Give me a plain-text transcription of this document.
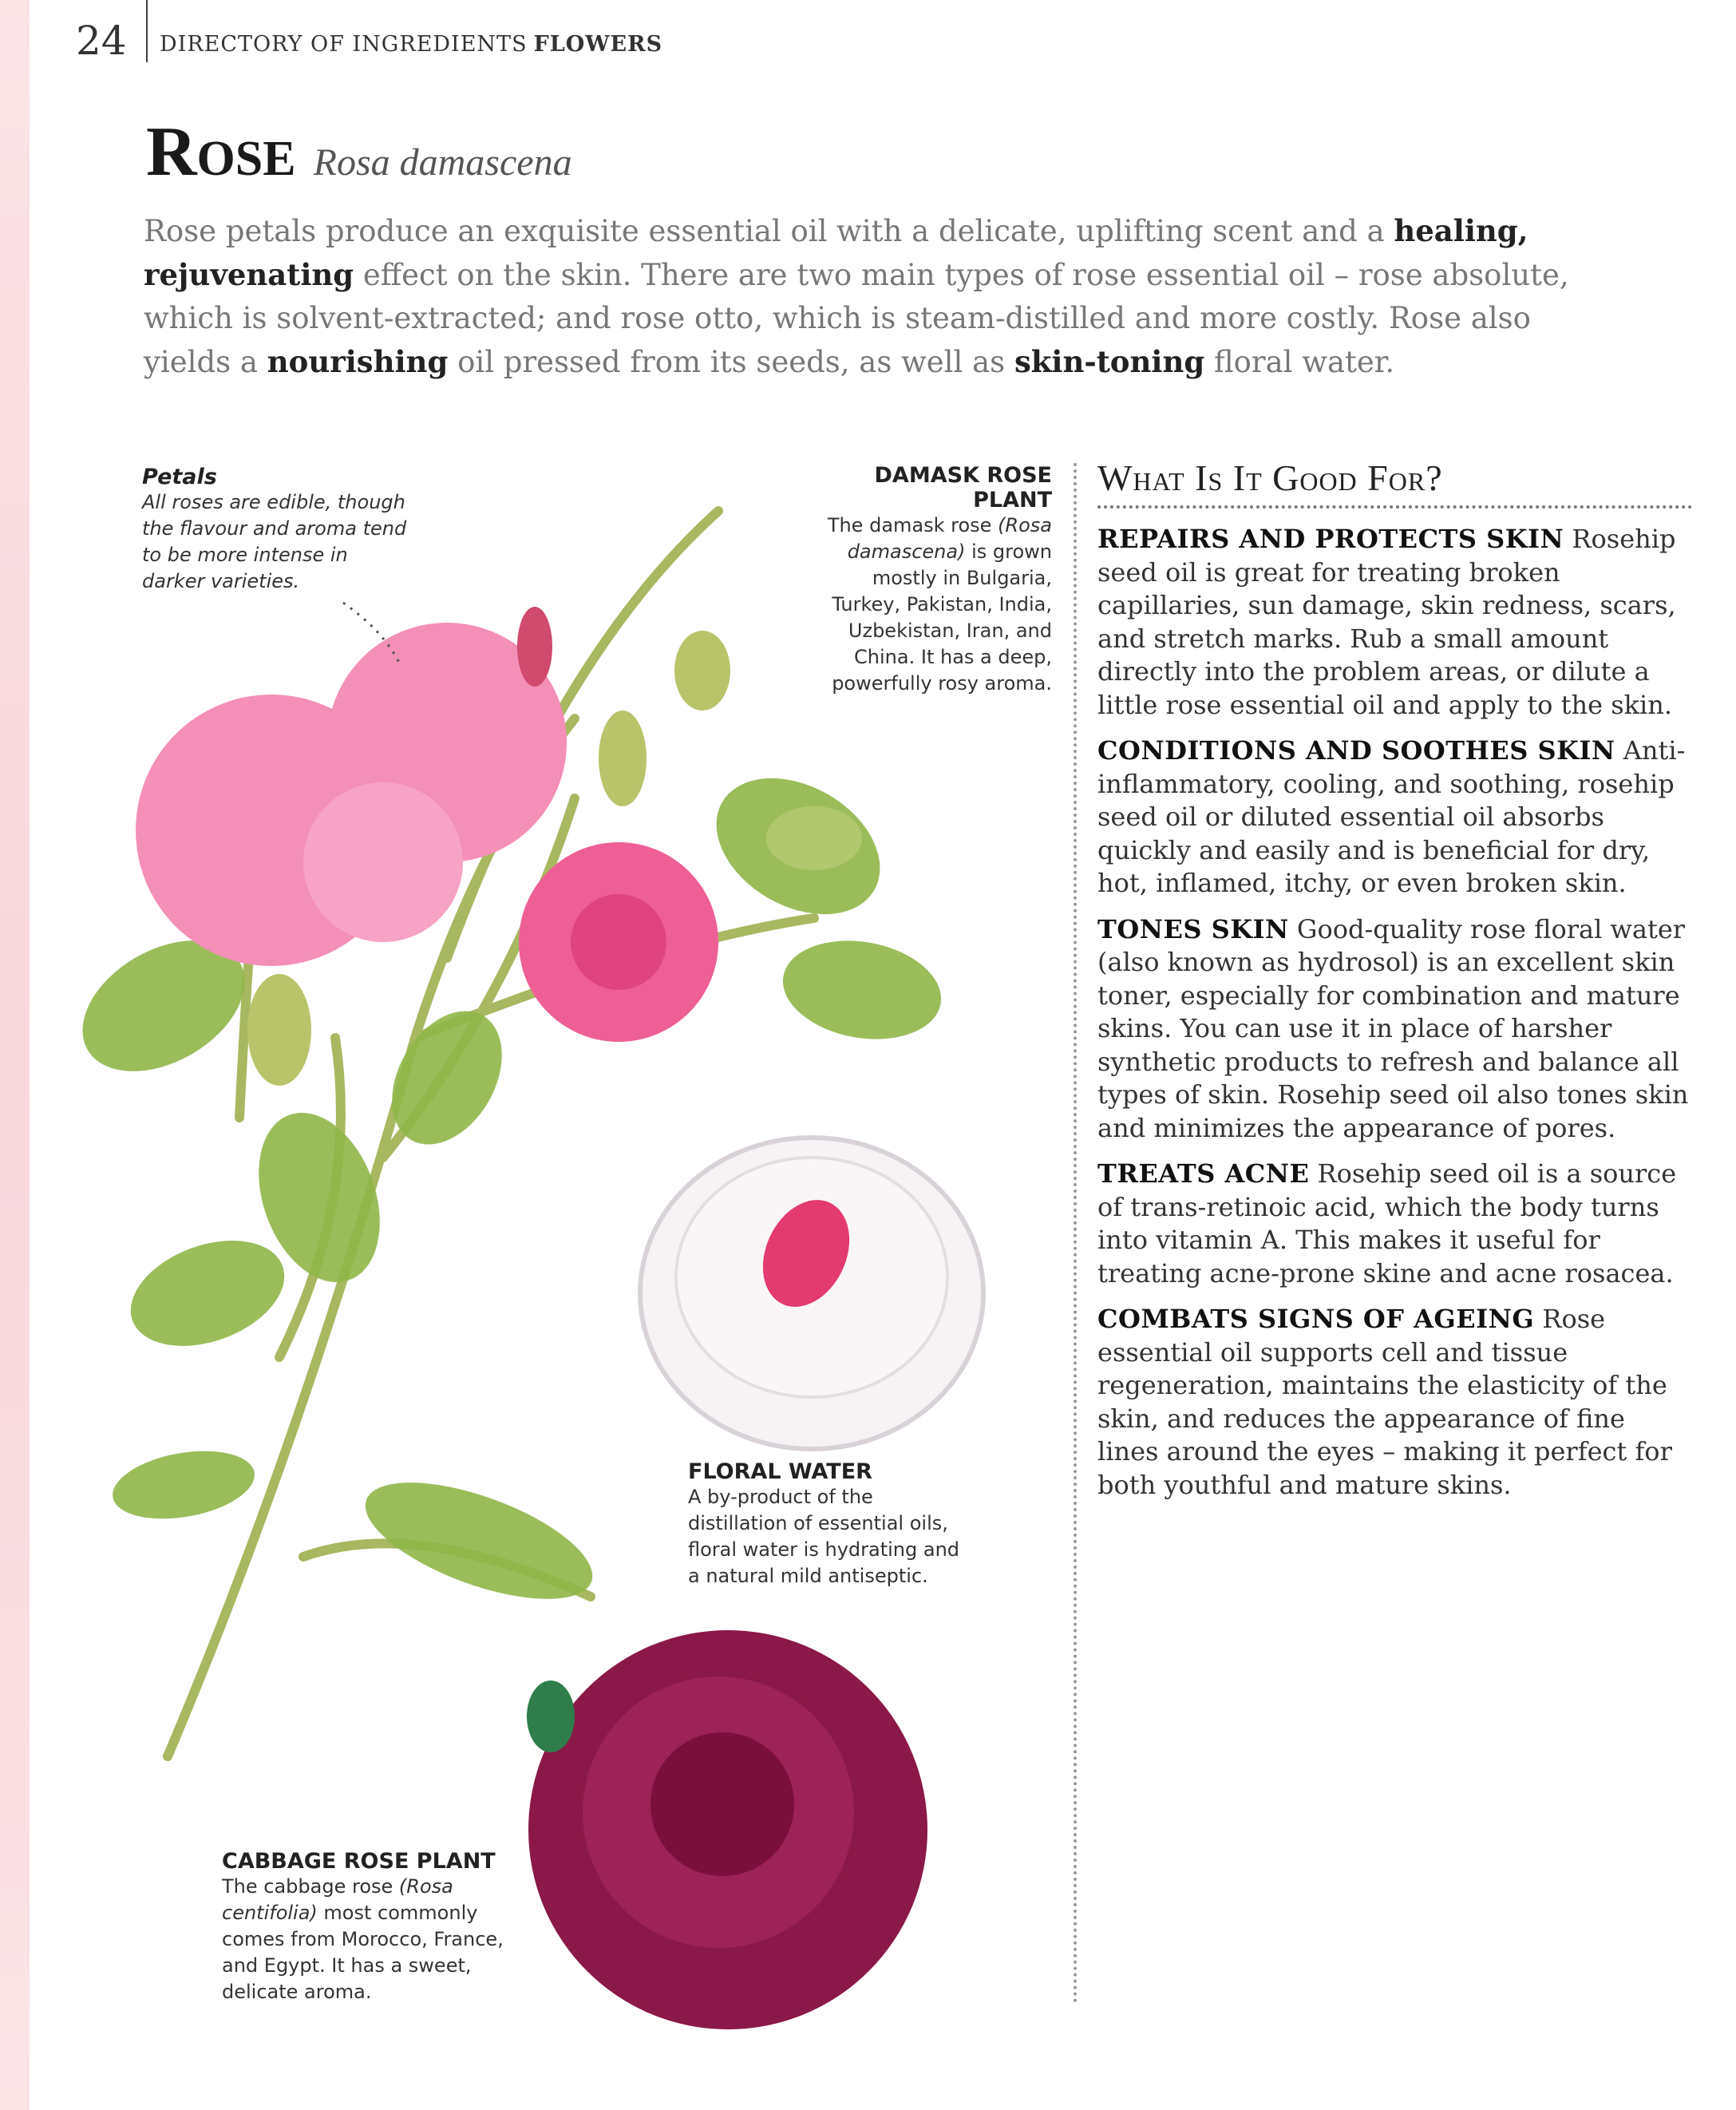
24 DIRECTORY OF INGREDIENTS FLOWERS
Rose Rosa damascena
Rose petals produce an exquisite essential oil with a delicate, uplifting scent and a healing, rejuvenating effect on the skin. There are two main types of rose essential oil – rose absolute, which is solvent-extracted; and rose otto, which is steam-distilled and more costly. Rose also yields a nourishing oil pressed from its seeds, as well as skin-toning floral water.
Petals
All roses are edible, though the flavour and aroma tend to be more intense in darker varieties.
DAMASK ROSE PLANT
The damask rose (Rosa damascena) is grown mostly in Bulgaria, Turkey, Pakistan, India, Uzbekistan, Iran, and China. It has a deep, powerfully rosy aroma.
FLORAL WATER
A by-product of the distillation of essential oils, floral water is hydrating and a natural mild antiseptic.
CABBAGE ROSE PLANT
The cabbage rose (Rosa centifolia) most commonly comes from Morocco, France, and Egypt. It has a sweet, delicate aroma.
What Is It Good For?

REPAIRS AND PROTECTS SKIN Rosehip seed oil is great for treating broken capillaries, sun damage, skin redness, scars, and stretch marks. Rub a small amount directly into the problem areas, or dilute a little rose essential oil and apply to the skin.

CONDITIONS AND SOOTHES SKIN Anti-inflammatory, cooling, and soothing, rosehip seed oil or diluted essential oil absorbs quickly and easily and is beneficial for dry, hot, inflamed, itchy, or even broken skin.

TONES SKIN Good-quality rose floral water (also known as hydrosol) is an excellent skin toner, especially for combination and mature skins. You can use it in place of harsher synthetic products to refresh and balance all types of skin. Rosehip seed oil also tones skin and minimizes the appearance of pores.

TREATS ACNE Rosehip seed oil is a source of trans-retinoic acid, which the body turns into vitamin A. This makes it useful for treating acne-prone skine and acne rosacea.

COMBATS SIGNS OF AGEING Rose essential oil supports cell and tissue regeneration, maintains the elasticity of the skin, and reduces the appearance of fine lines around the eyes – making it perfect for both youthful and mature skins.
